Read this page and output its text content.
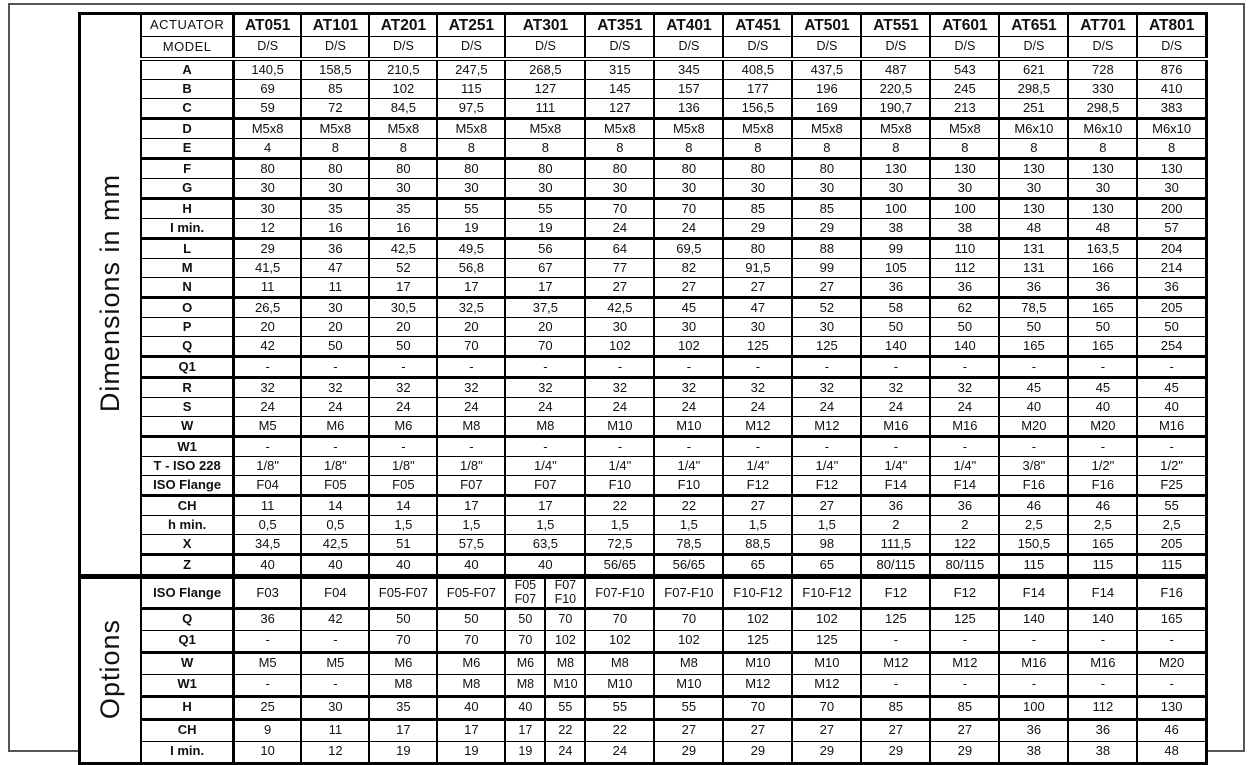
Dimensions in mm	ACTUATOR	AT051	AT101	AT201	AT251	AT301		AT351	AT401	AT451	AT501	AT551	AT601	AT651	AT701	AT801
	MODEL	D/S	D/S	D/S	D/S	D/S		D/S	D/S	D/S	D/S	D/S	D/S	D/S	D/S	D/S
	A	140,5	158,5	210,5	247,5	268,5		315	345	408,5	437,5	487	543	621	728	876
	B	69	85	102	115	127		145	157	177	196	220,5	245	298,5	330	410
	C	59	72	84,5	97,5	111		127	136	156,5	169	190,7	213	251	298,5	383
	D	M5x8	M5x8	M5x8	M5x8	M5x8		M5x8	M5x8	M5x8	M5x8	M5x8	M5x8	M6x10	M6x10	M6x10
	E	4	8	8	8	8		8	8	8	8	8	8	8	8	8
	F	80	80	80	80	80		80	80	80	80	130	130	130	130	130
	G	30	30	30	30	30		30	30	30	30	30	30	30	30	30
	H	30	35	35	55	55		70	70	85	85	100	100	130	130	200
	I min.	12	16	16	19	19		24	24	29	29	38	38	48	48	57
	L	29	36	42,5	49,5	56		64	69,5	80	88	99	110	131	163,5	204
	M	41,5	47	52	56,8	67		77	82	91,5	99	105	112	131	166	214
	N	11	11	17	17	17		27	27	27	27	36	36	36	36	36
	O	26,5	30	30,5	32,5	37,5		42,5	45	47	52	58	62	78,5	165	205
	P	20	20	20	20	20		30	30	30	30	50	50	50	50	50
	Q	42	50	50	70	70		102	102	125	125	140	140	165	165	254
	Q1	-	-	-	-	-		-	-	-	-	-	-	-	-	-
	R	32	32	32	32	32		32	32	32	32	32	32	45	45	45
	S	24	24	24	24	24		24	24	24	24	24	24	40	40	40
	W	M5	M6	M6	M8	M8		M10	M10	M12	M12	M16	M16	M20	M20	M16
	W1	-	-	-	-	-		-	-	-	-	-	-	-	-	-
	T - ISO 228	1/8"	1/8"	1/8"	1/8"	1/4"		1/4"	1/4"	1/4"	1/4"	1/4"	1/4"	3/8"	1/2"	1/2"
	ISO Flange	F04	F05	F05	F07	F07		F10	F10	F12	F12	F14	F14	F16	F16	F25
	CH	11	14	14	17	17		22	22	27	27	36	36	46	46	55
	h min.	0,5	0,5	1,5	1,5	1,5		1,5	1,5	1,5	1,5	2	2	2,5	2,5	2,5
	X	34,5	42,5	51	57,5	63,5		72,5	78,5	88,5	98	111,5	122	150,5	165	205
	Z	40	40	40	40	40		56/65	56/65	65	65	80/115	80/115	115	115	115
Options	ISO Flange	F03	F04	F05-F07	F05-F07	F05 F07	F07 F10	F07-F10	F07-F10	F10-F12	F10-F12	F12	F12	F14	F14	F16
	Q	36	42	50	50	50	70	70	70	102	102	125	125	140	140	165
	Q1	-	-	70	70	70	102	102	102	125	125	-	-	-	-	-
	W	M5	M5	M6	M6	M6	M8	M8	M8	M10	M10	M12	M12	M16	M16	M20
	W1	-	-	M8	M8	M8	M10	M10	M10	M12	M12	-	-	-	-	-
	H	25	30	35	40	40	55	55	55	70	70	85	85	100	112	130
	CH	9	11	17	17	17	22	22	27	27	27	27	27	36	36	46
	I min.	10	12	19	19	19	24	24	29	29	29	29	29	38	38	48
